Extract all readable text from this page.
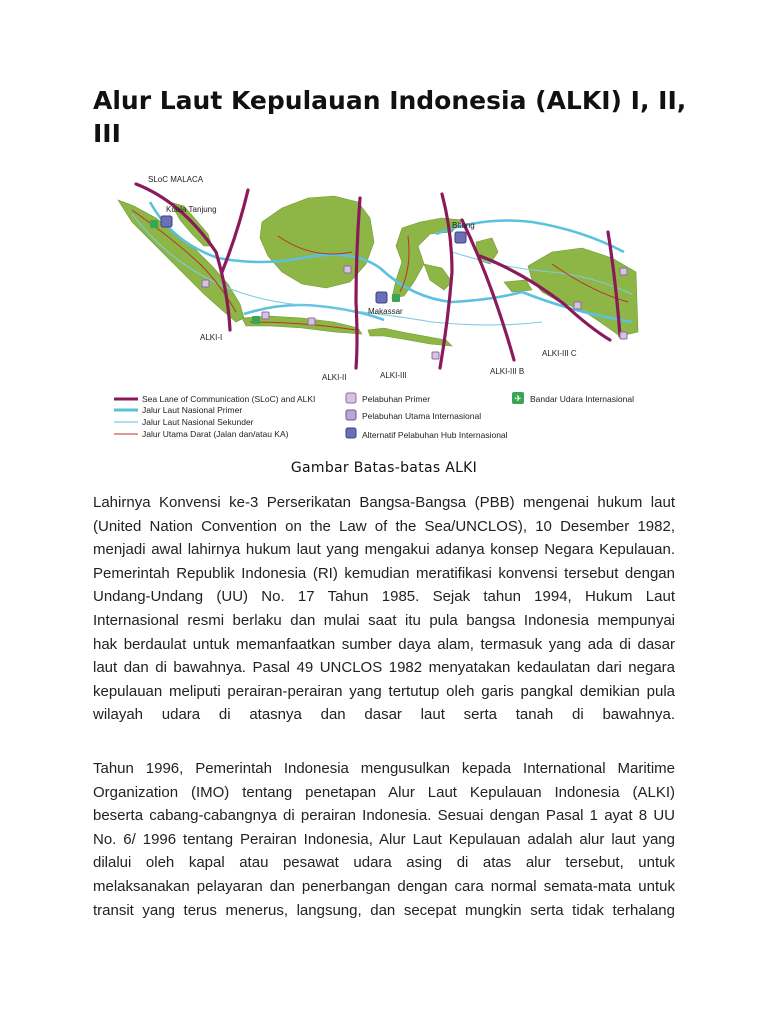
Alur Laut Kepulauan Indonesia (ALKI) I, II, III
SLoC MALACA
Kuala Tanjung
Bitung
Makassar
ALKI-I
ALKI-II	ALKI-III	ALKI-III B
ALKI-III C
Sea Lane of Communication (SLoC) and ALKI
Jalur Laut Nasional Primer
Jalur Laut Nasional Sekunder
Jalur Utama Darat (Jalan dan/atau KA)
Pelabuhan Primer
Pelabuhan Utama Internasional
Alternatif Pelabuhan Hub Internasional
✈ Bandar Udara Internasional
Gambar Batas-batas ALKI
Lahirnya Konvensi ke-3 Perserikatan Bangsa-Bangsa (PBB) mengenai hukum laut
(United Nation Convention on the Law of the Sea/UNCLOS), 10 Desember 1982,
menjadi awal lahirnya hukum laut yang mengakui adanya konsep Negara Kepulauan.
Pemerintah Republik Indonesia (RI) kemudian meratifikasi konvensi tersebut dengan
Undang-Undang (UU) No. 17 Tahun 1985. Sejak tahun 1994, Hukum Laut
Internasional resmi berlaku dan mulai saat itu pula bangsa Indonesia mempunyai
hak berdaulat untuk memanfaatkan sumber daya alam, termasuk yang ada di dasar
laut dan di bawahnya. Pasal 49 UNCLOS 1982 menyatakan kedaulatan dari negara
kepulauan meliputi perairan-perairan yang tertutup oleh garis pangkal demikian pula
wilayah udara di atasnya dan dasar laut serta tanah di bawahnya.
Tahun 1996, Pemerintah Indonesia mengusulkan kepada International Maritime
Organization (IMO) tentang penetapan Alur Laut Kepulauan Indonesia (ALKI)
beserta cabang-cabangnya di perairan Indonesia. Sesuai dengan Pasal 1 ayat 8 UU
No. 6/ 1996 tentang Perairan Indonesia, Alur Laut Kepulauan adalah alur laut yang
dilalui oleh kapal atau pesawat udara asing di atas alur tersebut, untuk
melaksanakan pelayaran dan penerbangan dengan cara normal semata-mata untuk
transit yang terus menerus, langsung, dan secepat mungkin serta tidak terhalang
